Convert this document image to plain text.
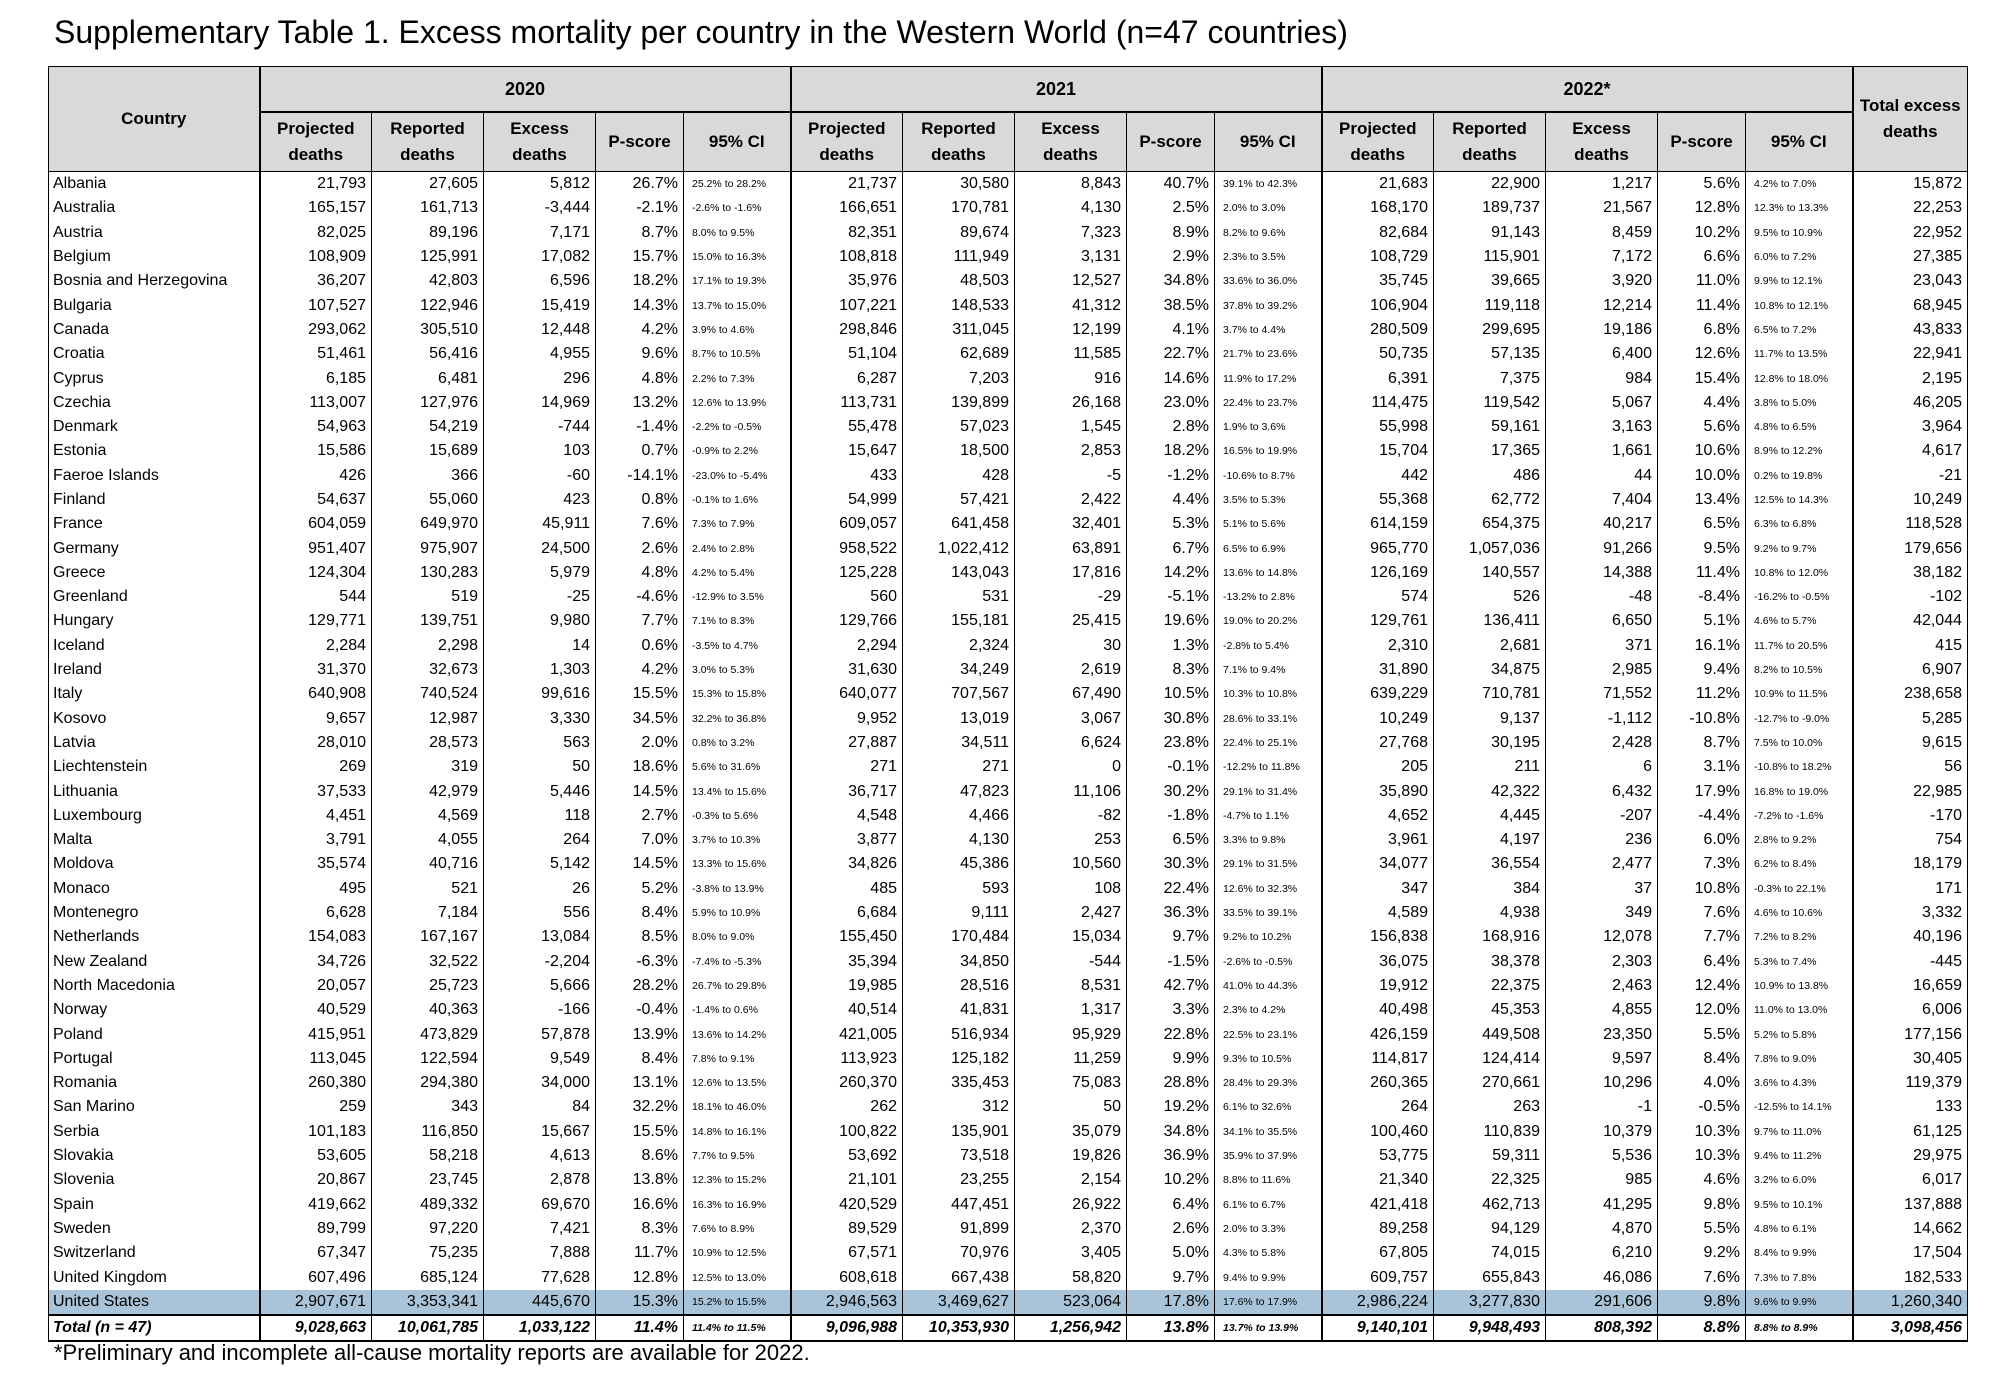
Supplementary Table 1. Excess mortality per country in the Western World (n=47 countries)
Country	2020					2021					2022*					Total excess deaths
	Projected deaths	Reported deaths	Excess deaths	P-score	95% CI	Projected deaths	Reported deaths	Excess deaths	P-score	95% CI	Projected deaths	Reported deaths	Excess deaths	P-score	95% CI	
Albania	21,793	27,605	5,812	26.7%	25.2% to 28.2%	21,737	30,580	8,843	40.7%	39.1% to 42.3%	21,683	22,900	1,217	5.6%	4.2% to 7.0%	15,872
Australia	165,157	161,713	-3,444	-2.1%	-2.6% to -1.6%	166,651	170,781	4,130	2.5%	2.0% to 3.0%	168,170	189,737	21,567	12.8%	12.3% to 13.3%	22,253
Austria	82,025	89,196	7,171	8.7%	8.0% to 9.5%	82,351	89,674	7,323	8.9%	8.2% to 9.6%	82,684	91,143	8,459	10.2%	9.5% to 10.9%	22,952
Belgium	108,909	125,991	17,082	15.7%	15.0% to 16.3%	108,818	111,949	3,131	2.9%	2.3% to 3.5%	108,729	115,901	7,172	6.6%	6.0% to 7.2%	27,385
Bosnia and Herzegovina	36,207	42,803	6,596	18.2%	17.1% to 19.3%	35,976	48,503	12,527	34.8%	33.6% to 36.0%	35,745	39,665	3,920	11.0%	9.9% to 12.1%	23,043
Bulgaria	107,527	122,946	15,419	14.3%	13.7% to 15.0%	107,221	148,533	41,312	38.5%	37.8% to 39.2%	106,904	119,118	12,214	11.4%	10.8% to 12.1%	68,945
Canada	293,062	305,510	12,448	4.2%	3.9% to 4.6%	298,846	311,045	12,199	4.1%	3.7% to 4.4%	280,509	299,695	19,186	6.8%	6.5% to 7.2%	43,833
Croatia	51,461	56,416	4,955	9.6%	8.7% to 10.5%	51,104	62,689	11,585	22.7%	21.7% to 23.6%	50,735	57,135	6,400	12.6%	11.7% to 13.5%	22,941
Cyprus	6,185	6,481	296	4.8%	2.2% to 7.3%	6,287	7,203	916	14.6%	11.9% to 17.2%	6,391	7,375	984	15.4%	12.8% to 18.0%	2,195
Czechia	113,007	127,976	14,969	13.2%	12.6% to 13.9%	113,731	139,899	26,168	23.0%	22.4% to 23.7%	114,475	119,542	5,067	4.4%	3.8% to 5.0%	46,205
Denmark	54,963	54,219	-744	-1.4%	-2.2% to -0.5%	55,478	57,023	1,545	2.8%	1.9% to 3.6%	55,998	59,161	3,163	5.6%	4.8% to 6.5%	3,964
Estonia	15,586	15,689	103	0.7%	-0.9% to 2.2%	15,647	18,500	2,853	18.2%	16.5% to 19.9%	15,704	17,365	1,661	10.6%	8.9% to 12.2%	4,617
Faeroe Islands	426	366	-60	-14.1%	-23.0% to -5.4%	433	428	-5	-1.2%	-10.6% to 8.7%	442	486	44	10.0%	0.2% to 19.8%	-21
Finland	54,637	55,060	423	0.8%	-0.1% to 1.6%	54,999	57,421	2,422	4.4%	3.5% to 5.3%	55,368	62,772	7,404	13.4%	12.5% to 14.3%	10,249
France	604,059	649,970	45,911	7.6%	7.3% to 7.9%	609,057	641,458	32,401	5.3%	5.1% to 5.6%	614,159	654,375	40,217	6.5%	6.3% to 6.8%	118,528
Germany	951,407	975,907	24,500	2.6%	2.4% to 2.8%	958,522	1,022,412	63,891	6.7%	6.5% to 6.9%	965,770	1,057,036	91,266	9.5%	9.2% to 9.7%	179,656
Greece	124,304	130,283	5,979	4.8%	4.2% to 5.4%	125,228	143,043	17,816	14.2%	13.6% to 14.8%	126,169	140,557	14,388	11.4%	10.8% to 12.0%	38,182
Greenland	544	519	-25	-4.6%	-12.9% to 3.5%	560	531	-29	-5.1%	-13.2% to 2.8%	574	526	-48	-8.4%	-16.2% to -0.5%	-102
Hungary	129,771	139,751	9,980	7.7%	7.1% to 8.3%	129,766	155,181	25,415	19.6%	19.0% to 20.2%	129,761	136,411	6,650	5.1%	4.6% to 5.7%	42,044
Iceland	2,284	2,298	14	0.6%	-3.5% to 4.7%	2,294	2,324	30	1.3%	-2.8% to 5.4%	2,310	2,681	371	16.1%	11.7% to 20.5%	415
Ireland	31,370	32,673	1,303	4.2%	3.0% to 5.3%	31,630	34,249	2,619	8.3%	7.1% to 9.4%	31,890	34,875	2,985	9.4%	8.2% to 10.5%	6,907
Italy	640,908	740,524	99,616	15.5%	15.3% to 15.8%	640,077	707,567	67,490	10.5%	10.3% to 10.8%	639,229	710,781	71,552	11.2%	10.9% to 11.5%	238,658
Kosovo	9,657	12,987	3,330	34.5%	32.2% to 36.8%	9,952	13,019	3,067	30.8%	28.6% to 33.1%	10,249	9,137	-1,112	-10.8%	-12.7% to -9.0%	5,285
Latvia	28,010	28,573	563	2.0%	0.8% to 3.2%	27,887	34,511	6,624	23.8%	22.4% to 25.1%	27,768	30,195	2,428	8.7%	7.5% to 10.0%	9,615
Liechtenstein	269	319	50	18.6%	5.6% to 31.6%	271	271	0	-0.1%	-12.2% to 11.8%	205	211	6	3.1%	-10.8% to 18.2%	56
Lithuania	37,533	42,979	5,446	14.5%	13.4% to 15.6%	36,717	47,823	11,106	30.2%	29.1% to 31.4%	35,890	42,322	6,432	17.9%	16.8% to 19.0%	22,985
Luxembourg	4,451	4,569	118	2.7%	-0.3% to 5.6%	4,548	4,466	-82	-1.8%	-4.7% to 1.1%	4,652	4,445	-207	-4.4%	-7.2% to -1.6%	-170
Malta	3,791	4,055	264	7.0%	3.7% to 10.3%	3,877	4,130	253	6.5%	3.3% to 9.8%	3,961	4,197	236	6.0%	2.8% to 9.2%	754
Moldova	35,574	40,716	5,142	14.5%	13.3% to 15.6%	34,826	45,386	10,560	30.3%	29.1% to 31.5%	34,077	36,554	2,477	7.3%	6.2% to 8.4%	18,179
Monaco	495	521	26	5.2%	-3.8% to 13.9%	485	593	108	22.4%	12.6% to 32.3%	347	384	37	10.8%	-0.3% to 22.1%	171
Montenegro	6,628	7,184	556	8.4%	5.9% to 10.9%	6,684	9,111	2,427	36.3%	33.5% to 39.1%	4,589	4,938	349	7.6%	4.6% to 10.6%	3,332
Netherlands	154,083	167,167	13,084	8.5%	8.0% to 9.0%	155,450	170,484	15,034	9.7%	9.2% to 10.2%	156,838	168,916	12,078	7.7%	7.2% to 8.2%	40,196
New Zealand	34,726	32,522	-2,204	-6.3%	-7.4% to -5.3%	35,394	34,850	-544	-1.5%	-2.6% to -0.5%	36,075	38,378	2,303	6.4%	5.3% to 7.4%	-445
North Macedonia	20,057	25,723	5,666	28.2%	26.7% to 29.8%	19,985	28,516	8,531	42.7%	41.0% to 44.3%	19,912	22,375	2,463	12.4%	10.9% to 13.8%	16,659
Norway	40,529	40,363	-166	-0.4%	-1.4% to 0.6%	40,514	41,831	1,317	3.3%	2.3% to 4.2%	40,498	45,353	4,855	12.0%	11.0% to 13.0%	6,006
Poland	415,951	473,829	57,878	13.9%	13.6% to 14.2%	421,005	516,934	95,929	22.8%	22.5% to 23.1%	426,159	449,508	23,350	5.5%	5.2% to 5.8%	177,156
Portugal	113,045	122,594	9,549	8.4%	7.8% to 9.1%	113,923	125,182	11,259	9.9%	9.3% to 10.5%	114,817	124,414	9,597	8.4%	7.8% to 9.0%	30,405
Romania	260,380	294,380	34,000	13.1%	12.6% to 13.5%	260,370	335,453	75,083	28.8%	28.4% to 29.3%	260,365	270,661	10,296	4.0%	3.6% to 4.3%	119,379
San Marino	259	343	84	32.2%	18.1% to 46.0%	262	312	50	19.2%	6.1% to 32.6%	264	263	-1	-0.5%	-12.5% to 14.1%	133
Serbia	101,183	116,850	15,667	15.5%	14.8% to 16.1%	100,822	135,901	35,079	34.8%	34.1% to 35.5%	100,460	110,839	10,379	10.3%	9.7% to 11.0%	61,125
Slovakia	53,605	58,218	4,613	8.6%	7.7% to 9.5%	53,692	73,518	19,826	36.9%	35.9% to 37.9%	53,775	59,311	5,536	10.3%	9.4% to 11.2%	29,975
Slovenia	20,867	23,745	2,878	13.8%	12.3% to 15.2%	21,101	23,255	2,154	10.2%	8.8% to 11.6%	21,340	22,325	985	4.6%	3.2% to 6.0%	6,017
Spain	419,662	489,332	69,670	16.6%	16.3% to 16.9%	420,529	447,451	26,922	6.4%	6.1% to 6.7%	421,418	462,713	41,295	9.8%	9.5% to 10.1%	137,888
Sweden	89,799	97,220	7,421	8.3%	7.6% to 8.9%	89,529	91,899	2,370	2.6%	2.0% to 3.3%	89,258	94,129	4,870	5.5%	4.8% to 6.1%	14,662
Switzerland	67,347	75,235	7,888	11.7%	10.9% to 12.5%	67,571	70,976	3,405	5.0%	4.3% to 5.8%	67,805	74,015	6,210	9.2%	8.4% to 9.9%	17,504
United Kingdom	607,496	685,124	77,628	12.8%	12.5% to 13.0%	608,618	667,438	58,820	9.7%	9.4% to 9.9%	609,757	655,843	46,086	7.6%	7.3% to 7.8%	182,533
United States	2,907,671	3,353,341	445,670	15.3%	15.2% to 15.5%	2,946,563	3,469,627	523,064	17.8%	17.6% to 17.9%	2,986,224	3,277,830	291,606	9.8%	9.6% to 9.9%	1,260,340
Total (n = 47)	9,028,663	10,061,785	1,033,122	11.4%	11.4% to 11.5%	9,096,988	10,353,930	1,256,942	13.8%	13.7% to 13.9%	9,140,101	9,948,493	808,392	8.8%	8.8% to 8.9%	3,098,456
*Preliminary and incomplete all-cause mortality reports are available for 2022.
